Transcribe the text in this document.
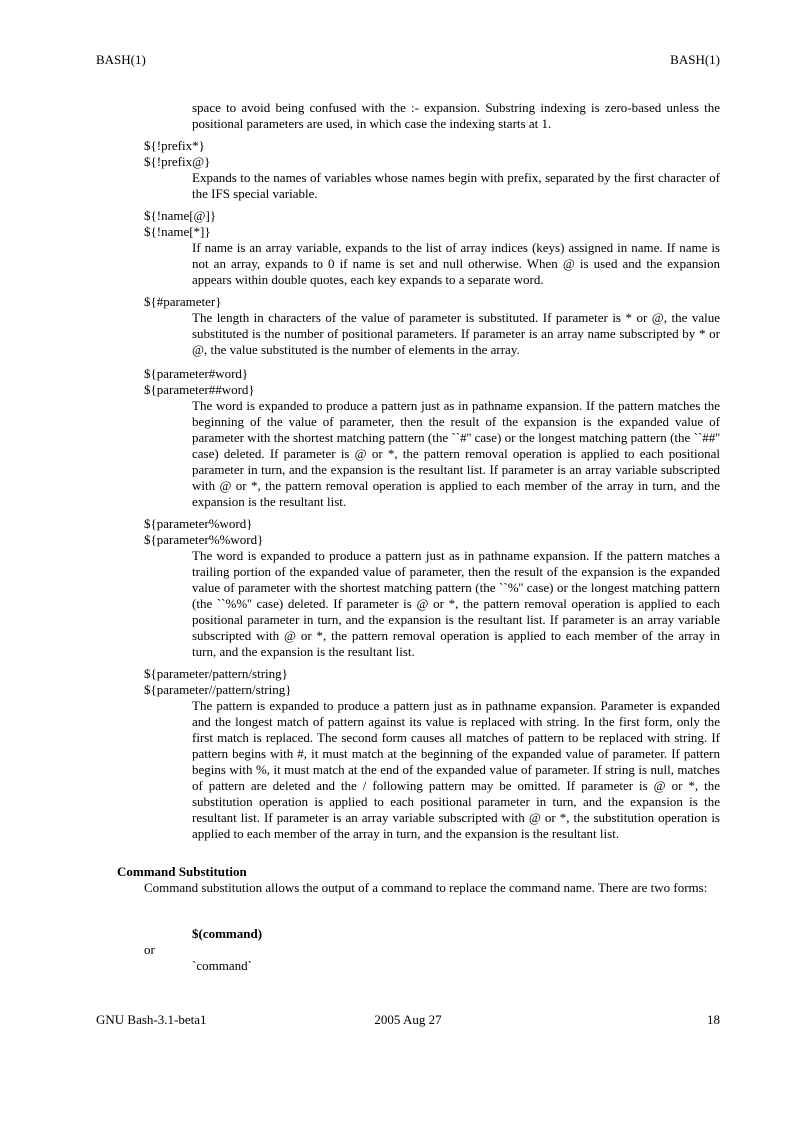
BASH(1)	BASH(1)
space to avoid being confused with the :- expansion. Substring indexing is zero-based unless the positional parameters are used, in which case the indexing starts at 1.
${!prefix*}
${!prefix@}
Expands to the names of variables whose names begin with prefix, separated by the first character of the IFS special variable.
${!name[@]}
${!name[*]}
If name is an array variable, expands to the list of array indices (keys) assigned in name. If name is not an array, expands to 0 if name is set and null otherwise. When @ is used and the expansion appears within double quotes, each key expands to a separate word.
${#parameter}
The length in characters of the value of parameter is substituted. If parameter is * or @, the value substituted is the number of positional parameters. If parameter is an array name subscripted by * or @, the value substituted is the number of elements in the array.
${parameter#word}
${parameter##word}
The word is expanded to produce a pattern just as in pathname expansion. If the pattern matches the beginning of the value of parameter, then the result of the expansion is the expanded value of parameter with the shortest matching pattern (the ``#'' case) or the longest matching pattern (the ``##'' case) deleted. If parameter is @ or *, the pattern removal operation is applied to each positional parameter in turn, and the expansion is the resultant list. If parameter is an array variable subscripted with @ or *, the pattern removal operation is applied to each member of the array in turn, and the expansion is the resultant list.
${parameter%word}
${parameter%%word}
The word is expanded to produce a pattern just as in pathname expansion. If the pattern matches a trailing portion of the expanded value of parameter, then the result of the expansion is the expanded value of parameter with the shortest matching pattern (the ``%'' case) or the longest matching pattern (the ``%%'' case) deleted. If parameter is @ or *, the pattern removal operation is applied to each positional parameter in turn, and the expansion is the resultant list. If parameter is an array variable subscripted with @ or *, the pattern removal operation is applied to each member of the array in turn, and the expansion is the resultant list.
${parameter/pattern/string}
${parameter//pattern/string}
The pattern is expanded to produce a pattern just as in pathname expansion. Parameter is expanded and the longest match of pattern against its value is replaced with string. In the first form, only the first match is replaced. The second form causes all matches of pattern to be replaced with string. If pattern begins with #, it must match at the beginning of the expanded value of parameter. If pattern begins with %, it must match at the end of the expanded value of parameter. If string is null, matches of pattern are deleted and the / following pattern may be omitted. If parameter is @ or *, the substitution operation is applied to each positional parameter in turn, and the expansion is the resultant list. If parameter is an array variable subscripted with @ or *, the substitution operation is applied to each member of the array in turn, and the expansion is the resultant list.
Command Substitution
Command substitution allows the output of a command to replace the command name. There are two forms:
$(command)
or
`command`
GNU Bash-3.1-beta1	2005 Aug 27	18
